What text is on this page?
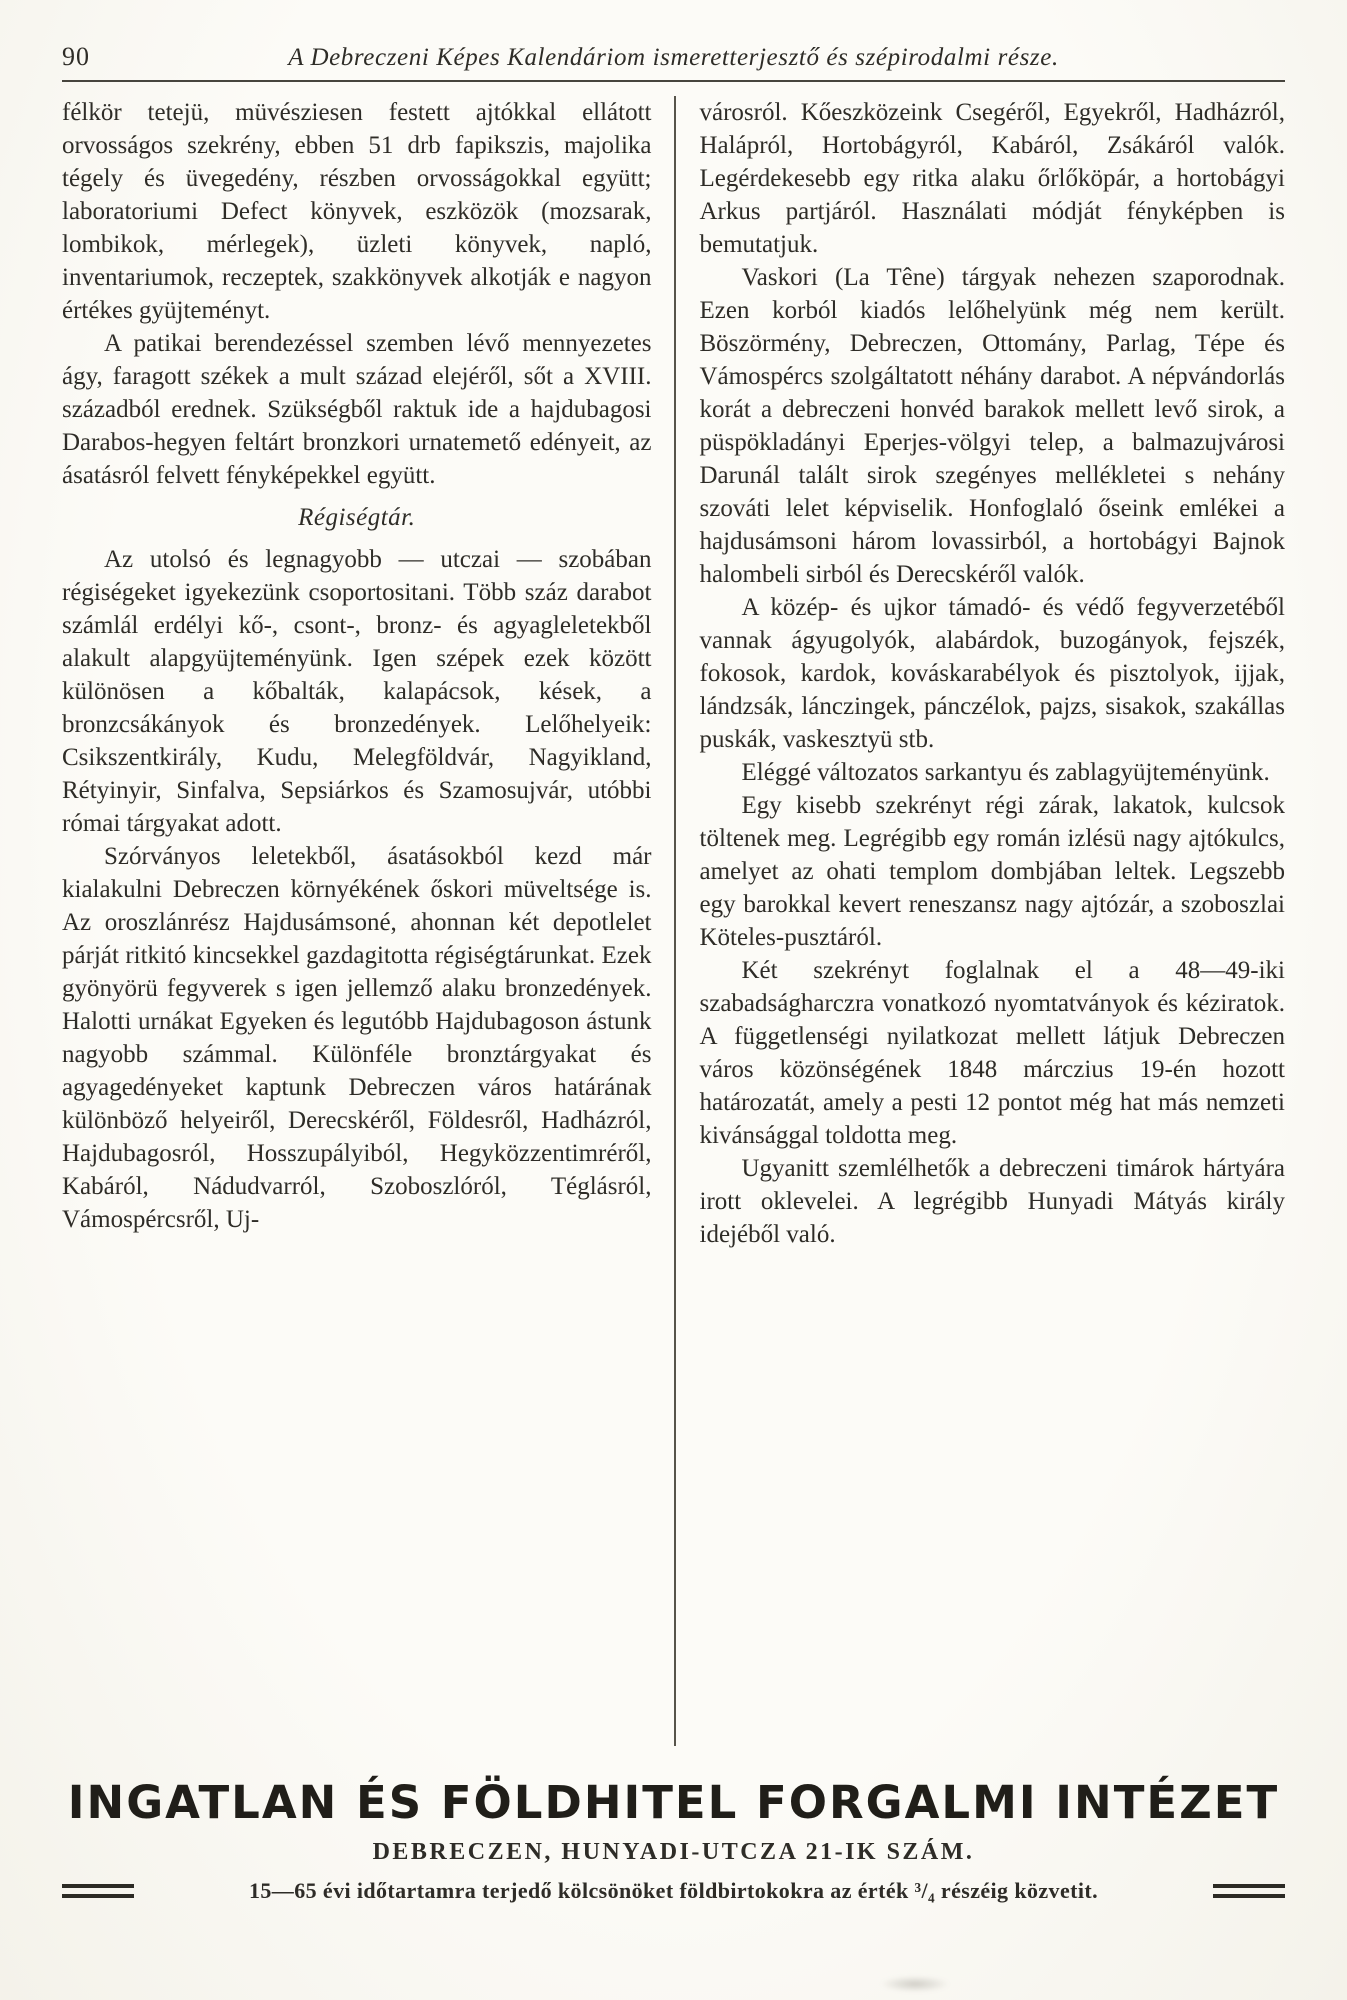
90	A Debreczeni Képes Kalendáriom ismeretterjesztő és szépirodalmi része.

félkör tetejü, müvésziesen festett ajtókkal ellátott orvosságos szekrény, ebben 51 drb fapikszis, majolika tégely és üvegedény, részben orvosságokkal együtt; laboratoriumi Defect könyvek, eszközök (mozsarak, lombikok, mérlegek), üzleti könyvek, napló, inventariumok, reczeptek, szakkönyvek alkotják e nagyon értékes gyüjteményt.

A patikai berendezéssel szemben lévő mennyezetes ágy, faragott székek a mult század elejéről, sőt a XVIII. századból erednek. Szükségből raktuk ide a hajdubagosi Darabos-hegyen feltárt bronzkori urnatemető edényeit, az ásatásról felvett fényképekkel együtt.

Régiségtár.

Az utolsó és legnagyobb — utczai — szobában régiségeket igyekezünk csoportositani. Több száz darabot számlál erdélyi kő-, csont-, bronz- és agyagleletekből alakult alapgyüjteményünk. Igen szépek ezek között különösen a kőbalták, kalapácsok, kések, a bronzcsákányok és bronzedények. Lelőhelyeik: Csikszentkirály, Kudu, Melegföldvár, Nagyikland, Rétyinyir, Sinfalva, Sepsiárkos és Szamosujvár, utóbbi római tárgyakat adott.

Szórványos leletekből, ásatásokból kezd már kialakulni Debreczen környékének őskori müveltsége is. Az oroszlánrész Hajdusámsoné, ahonnan két depotlelet párját ritkitó kincsekkel gazdagitotta régiségtárunkat. Ezek gyönyörü fegyverek s igen jellemző alaku bronzedények. Halotti urnákat Egyeken és legutóbb Hajdubagoson ástunk nagyobb számmal. Különféle bronztárgyakat és agyagedényeket kaptunk Debreczen város határának különböző helyeiről, Derecskéről, Földesről, Hadházról, Hajdubagosról, Hosszupályiból, Hegyközzentimréről, Kabáról, Nádudvarról, Szoboszlóról, Téglásról, Vámospércsről, Uj-

városról. Kőeszközeink Csegéről, Egyekről, Hadházról, Halápról, Hortobágyról, Kabáról, Zsákáról valók. Legérdekesebb egy ritka alaku őrlőköpár, a hortobágyi Arkus partjáról. Használati módját fényképben is bemutatjuk.

Vaskori (La Têne) tárgyak nehezen szaporodnak. Ezen korból kiadós lelőhelyünk még nem került. Böszörmény, Debreczen, Ottomány, Parlag, Tépe és Vámospércs szolgáltatott néhány darabot. A népvándorlás korát a debreczeni honvéd barakok mellett levő sirok, a püspökladányi Eperjes-völgyi telep, a balmazujvárosi Darunál talált sirok szegényes mellékletei s nehány szováti lelet képviselik. Honfoglaló őseink emlékei a hajdusámsoni három lovassirból, a hortobágyi Bajnok halombeli sirból és Derecskéről valók.

A közép- és ujkor támadó- és védő fegyverzetéből vannak ágyugolyók, alabárdok, buzogányok, fejszék, fokosok, kardok, kováskarabélyok és pisztolyok, ijjak, lándzsák, lánczingek, pánczélok, pajzs, sisakok, szakállas puskák, vaskesztyü stb.

Eléggé változatos sarkantyu és zablagyüjteményünk.

Egy kisebb szekrényt régi zárak, lakatok, kulcsok töltenek meg. Legrégibb egy román izlésü nagy ajtókulcs, amelyet az ohati templom dombjában leltek. Legszebb egy barokkal kevert reneszansz nagy ajtózár, a szoboszlai Köteles-pusztáról.

Két szekrényt foglalnak el a 48—49-iki szabadságharczra vonatkozó nyomtatványok és kéziratok. A függetlenségi nyilatkozat mellett látjuk Debreczen város közönségének 1848 márczius 19-én hozott határozatát, amely a pesti 12 pontot még hat más nemzeti kivánsággal toldotta meg.

Ugyanitt szemlélhetők a debreczeni timárok hártyára irott oklevelei. A legrégibb Hunyadi Mátyás király idejéből való.

INGATLAN ÉS FÖLDHITEL FORGALMI INTÉZET
DEBRECZEN, HUNYADI-UTCZA 21-IK SZÁM.
15—65 évi időtartamra terjedő kölcsönöket földbirtokokra az érték ³/₄ részéig közvetit.
